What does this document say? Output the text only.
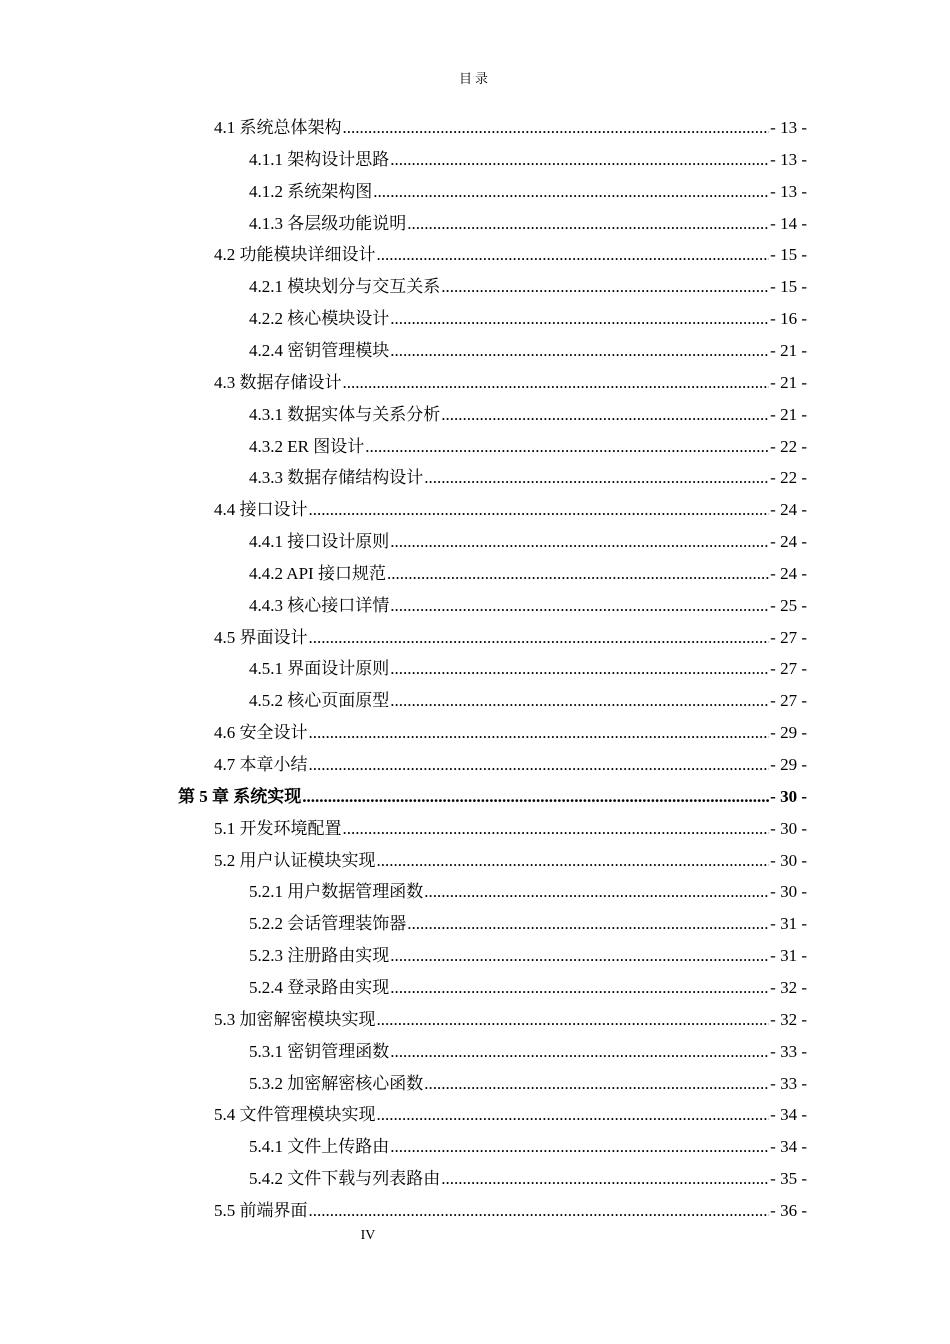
目录
4.1 系统总体架构 .....	- 13 -
4.1.1 架构设计思路 .....	- 13 -
4.1.2 系统架构图 .....	- 13 -
4.1.3 各层级功能说明 .....	- 14 -
4.2 功能模块详细设计 .....	- 15 -
4.2.1 模块划分与交互关系 .....	- 15 -
4.2.2 核心模块设计 .....	- 16 -
4.2.4 密钥管理模块 .....	- 21 -
4.3 数据存储设计 .....	- 21 -
4.3.1 数据实体与关系分析 .....	- 21 -
4.3.2 ER 图设计 .....	- 22 -
4.3.3 数据存储结构设计 .....	- 22 -
4.4 接口设计 .....	- 24 -
4.4.1 接口设计原则 .....	- 24 -
4.4.2 API 接口规范 .....	- 24 -
4.4.3 核心接口详情 .....	- 25 -
4.5 界面设计 .....	- 27 -
4.5.1 界面设计原则 .....	- 27 -
4.5.2 核心页面原型 .....	- 27 -
4.6 安全设计 .....	- 29 -
4.7 本章小结 .....	- 29 -
第 5 章 系统实现 .....	- 30 -
5.1 开发环境配置 .....	- 30 -
5.2 用户认证模块实现 .....	- 30 -
5.2.1 用户数据管理函数 .....	- 30 -
5.2.2 会话管理装饰器 .....	- 31 -
5.2.3 注册路由实现 .....	- 31 -
5.2.4 登录路由实现 .....	- 32 -
5.3 加密解密模块实现 .....	- 32 -
5.3.1 密钥管理函数 .....	- 33 -
5.3.2 加密解密核心函数 .....	- 33 -
5.4 文件管理模块实现 .....	- 34 -
5.4.1 文件上传路由 .....	- 34 -
5.4.2 文件下载与列表路由 .....	- 35 -
5.5 前端界面 .....	- 36 -
IV
